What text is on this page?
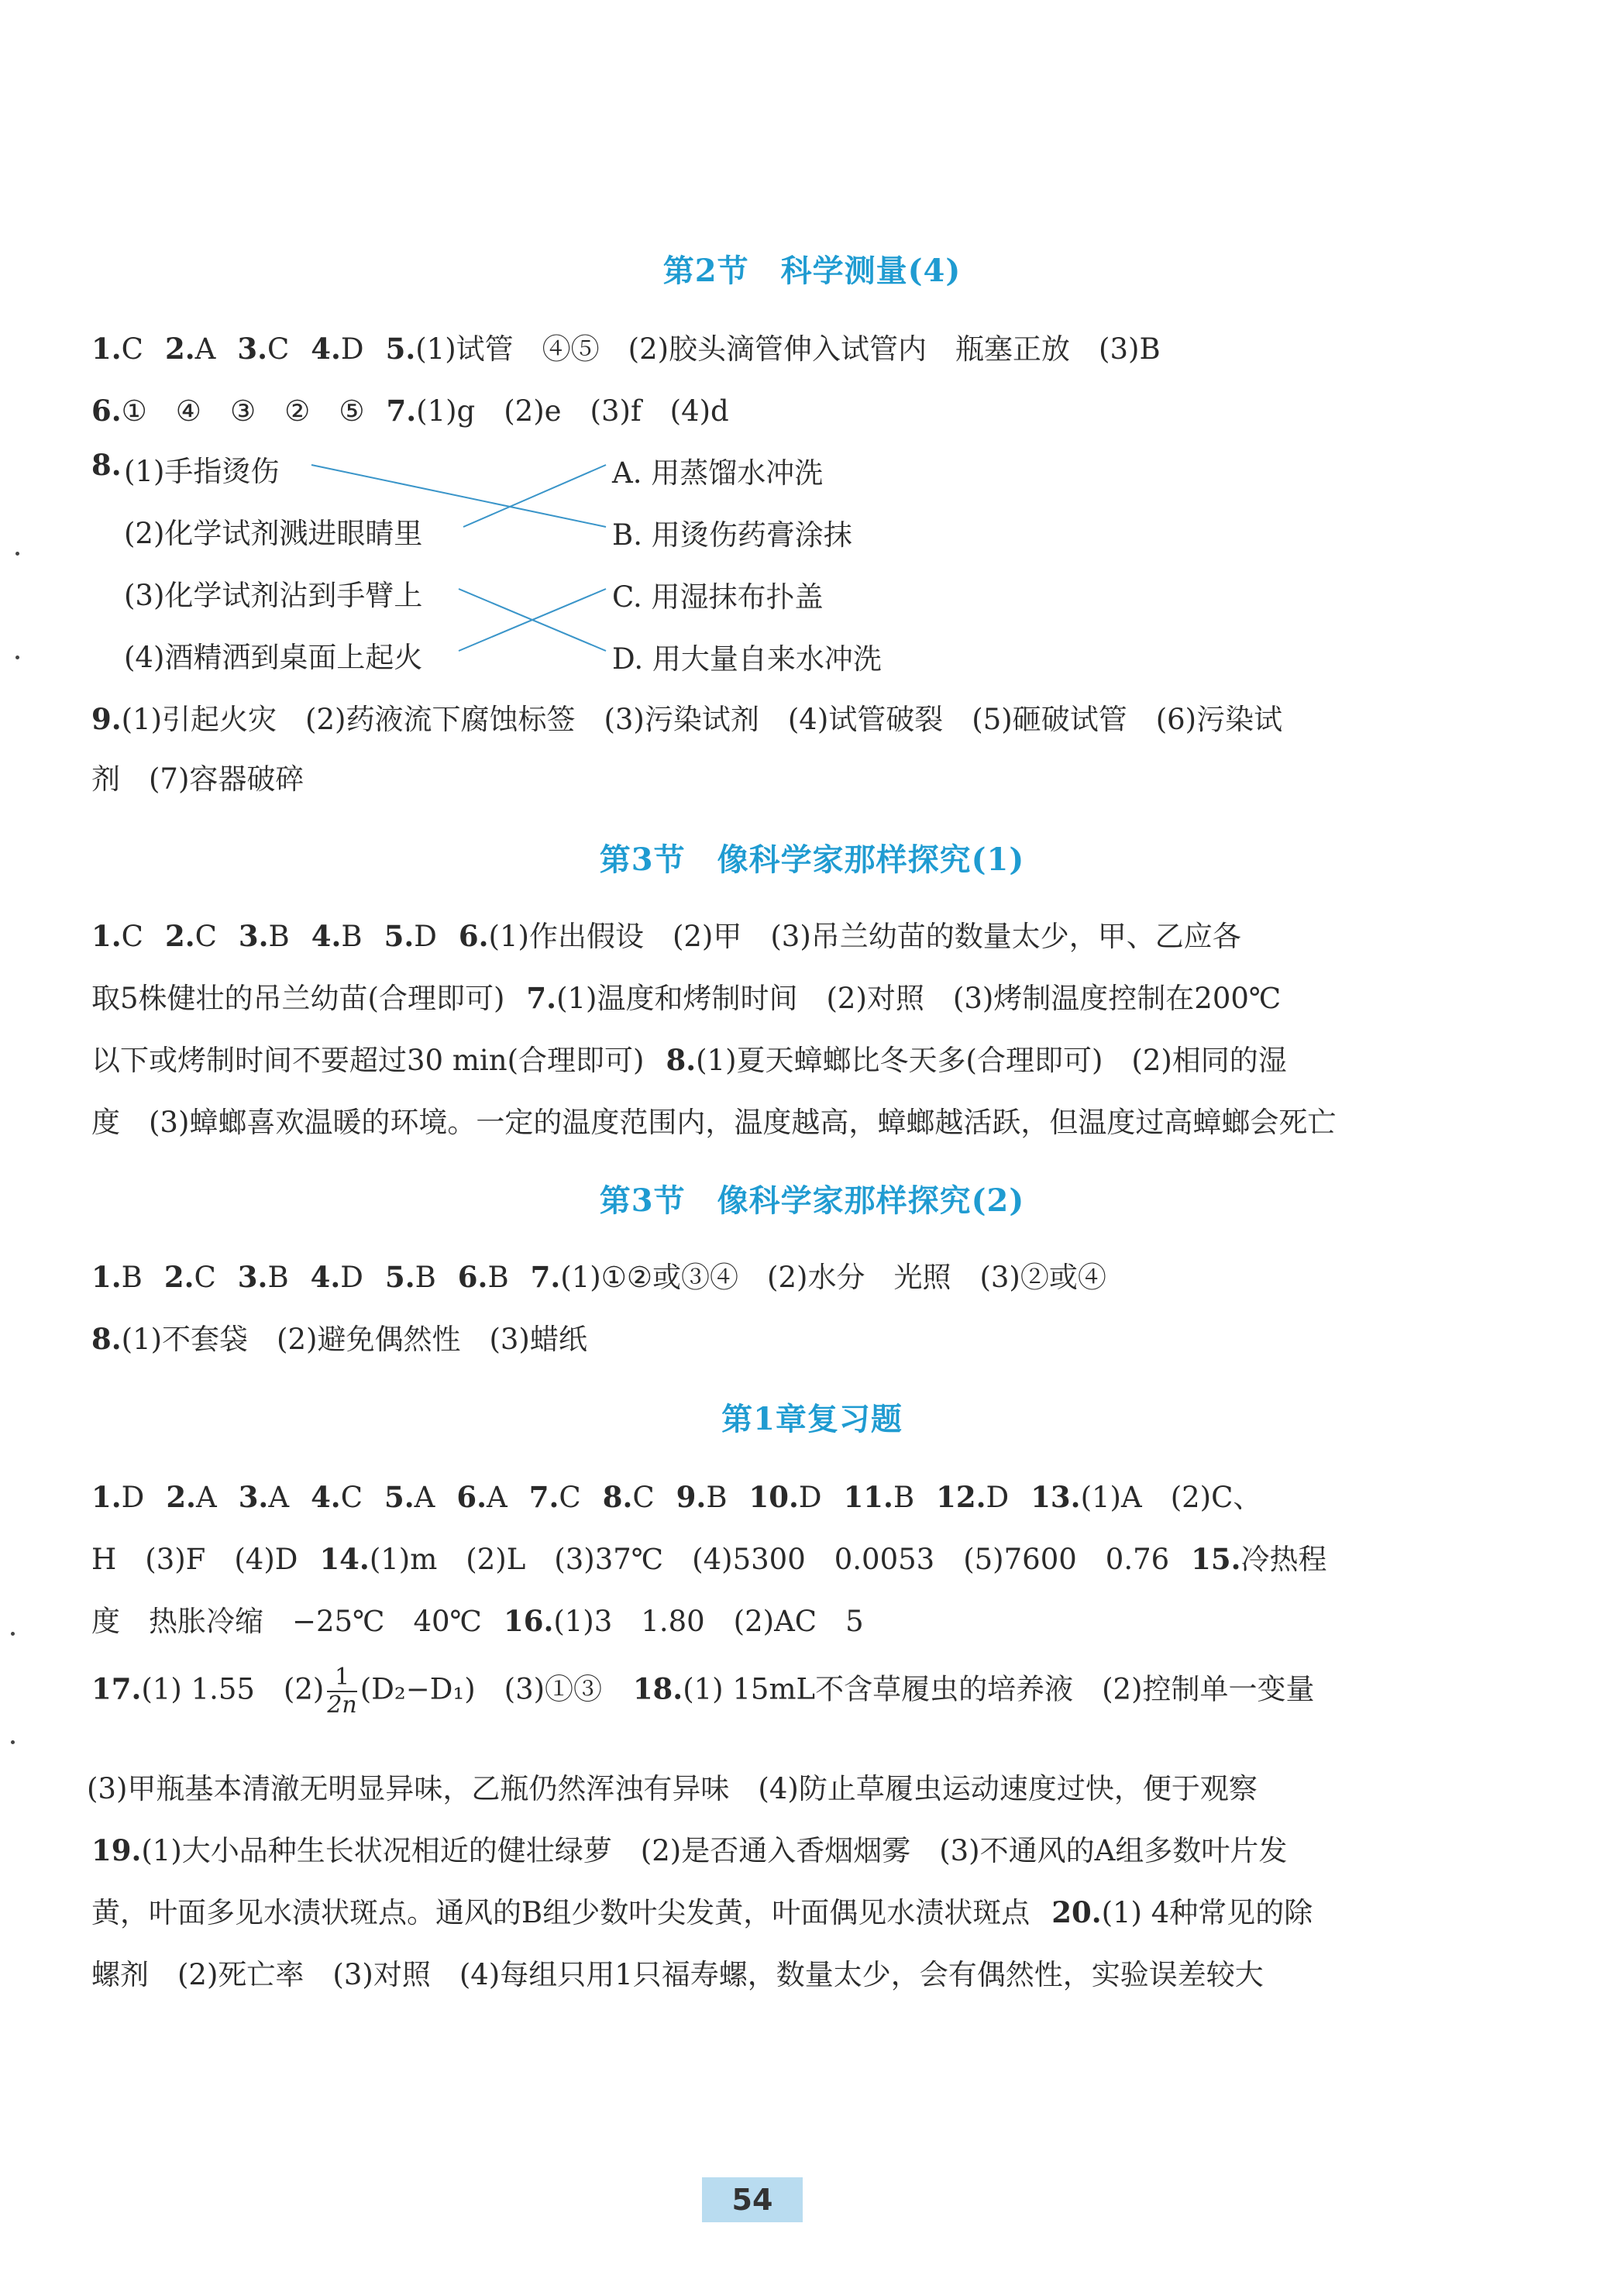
第2节　科学测量(4)
1.C 2.A 3.C 4.D 5.(1)试管　④⑤　(2)胶头滴管伸入试管内　瓶塞正放　(3)B
6.①　④　③　②　⑤ 7.(1)g　(2)e　(3)f　(4)d
8. (1)手指烫伤
(2)化学试剂溅进眼睛里
(3)化学试剂沾到手臂上
(4)酒精洒到桌面上起火
A. 用蒸馏水冲洗
B. 用烫伤药膏涂抹
C. 用湿抹布扑盖
D. 用大量自来水冲洗
9.(1)引起火灾　(2)药液流下腐蚀标签　(3)污染试剂　(4)试管破裂　(5)砸破试管　(6)污染试
剂　(7)容器破碎
第3节　像科学家那样探究(1)
1.C 2.C 3.B 4.B 5.D 6.(1)作出假设　(2)甲　(3)吊兰幼苗的数量太少，甲、乙应各
取5株健壮的吊兰幼苗(合理即可) 7.(1)温度和烤制时间　(2)对照　(3)烤制温度控制在200℃
以下或烤制时间不要超过30 min(合理即可) 8.(1)夏天蟑螂比冬天多(合理即可)　(2)相同的湿
度　(3)蟑螂喜欢温暖的环境。一定的温度范围内，温度越高，蟑螂越活跃，但温度过高蟑螂会死亡
第3节　像科学家那样探究(2)
1.B 2.C 3.B 4.D 5.B 6.B 7.(1)①②或③④　(2)水分　光照　(3)②或④
8.(1)不套袋　(2)避免偶然性　(3)蜡纸
第1章复习题
1.D 2.A 3.A 4.C 5.A 6.A 7.C 8.C 9.B 10.D 11.B 12.D 13.(1)A　(2)C、
H　(3)F　(4)D 14.(1)m　(2)L　(3)37℃　(4)5300　0.0053　(5)7600　0.76 15.冷热程
度　热胀冷缩　−25℃　40℃ 16.(1)3　1.80　(2)AC　5
17.(1) 1.55　$(2) \frac{1}{2n} (D_2-D_1)$　(3)①③ 18.(1) 15mL不含草履虫的培养液　(2)控制单一变量
(3)甲瓶基本清澈无明显异味，乙瓶仍然浑浊有异味　(4)防止草履虫运动速度过快，便于观察
19.(1)大小品种生长状况相近的健壮绿萝　(2)是否通入香烟烟雾　(3)不通风的A组多数叶片发
黄，叶面多见水渍状斑点。通风的B组少数叶尖发黄，叶面偶见水渍状斑点 20.(1) 4种常见的除
螺剂　(2)死亡率　(3)对照　(4)每组只用1只福寿螺，数量太少，会有偶然性，实验误差较大
54
